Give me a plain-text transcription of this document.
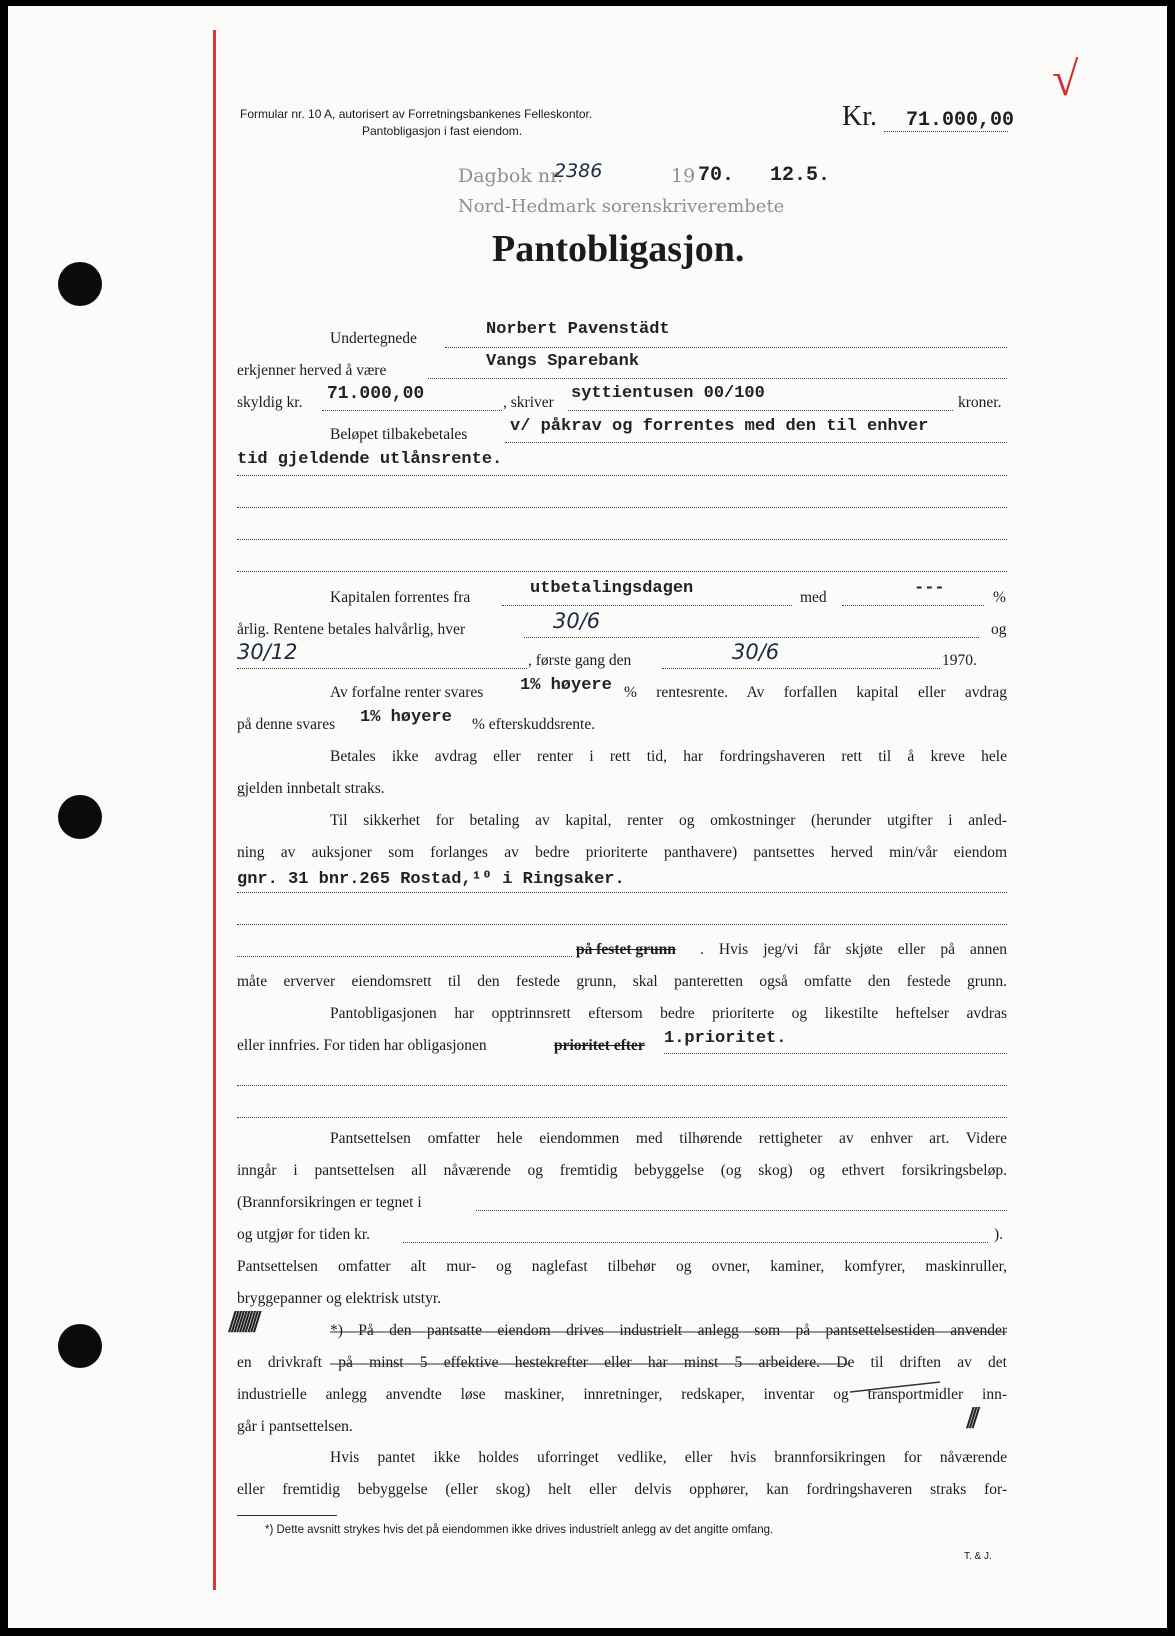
Formular nr. 10 A, autorisert av Forretningsbankenes Felleskontor.
Pantobligasjon i fast eiendom.	Kr. 71.000,00
√
Dagbok nr.
2386	19 70. 12.5.
Nord-Hedmark sorenskriverembete
Pantobligasjon.
Undertegnede	Norbert Pavenstädt
erkjenner herved å være	Vangs Sparebank
skyldig kr. 71.000,00	, skriver syttientusen 00/100	kroner.
Beløpet tilbakebetales	v/ påkrav og forrentes med den til enhver
tid gjeldende utlånsrente.
Kapitalen forrentes fra	utbetalingsdagen	med	---	%
årlig. Rentene betales halvårlig, hver	30/6	og
30/12	, første gang den	30/6	1970.
Av forfalne renter svares 1% høyere % rentesrente. Av forfallen kapital eller avdrag
på denne svares 1% høyere % efterskuddsrente.
Betales ikke avdrag eller renter i rett tid, har fordringshaveren rett til å kreve hele
gjelden innbetalt straks.
Til sikkerhet for betaling av kapital, renter og omkostninger (herunder utgifter i anled-
ning av auksjoner som forlanges av bedre prioriterte panthavere) pantsettes herved min/vår eiendom
gnr. 31 bnr.265 Rostad,¹⁰ i Ringsaker.
på festet grunn . Hvis jeg/vi får skjøte eller på annen
måte erverver eiendomsrett til den festede grunn, skal panteretten også omfatte den festede grunn.
Pantobligasjonen har opptrinnsrett eftersom bedre prioriterte og likestilte heftelser avdras
eller innfries. For tiden har obligasjonen	prioritet efter 1.prioritet.
Pantsettelsen omfatter hele eiendommen med tilhørende rettigheter av enhver art. Videre
inngår i pantsettelsen all nåværende og fremtidig bebyggelse (og skog) og ethvert forsikringsbeløp.
(Brannforsikringen er tegnet i
og utgjør for tiden kr.	).
Pantsettelsen omfatter alt mur- og naglefast tilbehør og ovner, kaminer, komfyrer, maskinruller,
bryggepanner og elektrisk utstyr.
//////////	*) På den pantsatte eiendom drives industrielt anlegg som på pantsettelsestiden anvender
en drivkraft på minst 5 effektive hestekrefter eller har minst 5 arbeidere. De til driften av det
industrielle anlegg anvendte løse maskiner, innretninger, redskaper, inventar og transportmidler inn-
går i pantsettelsen.	///
Hvis pantet ikke holdes uforringet vedlike, eller hvis brannforsikringen for nåværende
eller fremtidig bebyggelse (eller skog) helt eller delvis opphører, kan fordringshaveren straks for-
*) Dette avsnitt strykes hvis det på eiendommen ikke drives industrielt anlegg av det angitte omfang.
T. & J.
